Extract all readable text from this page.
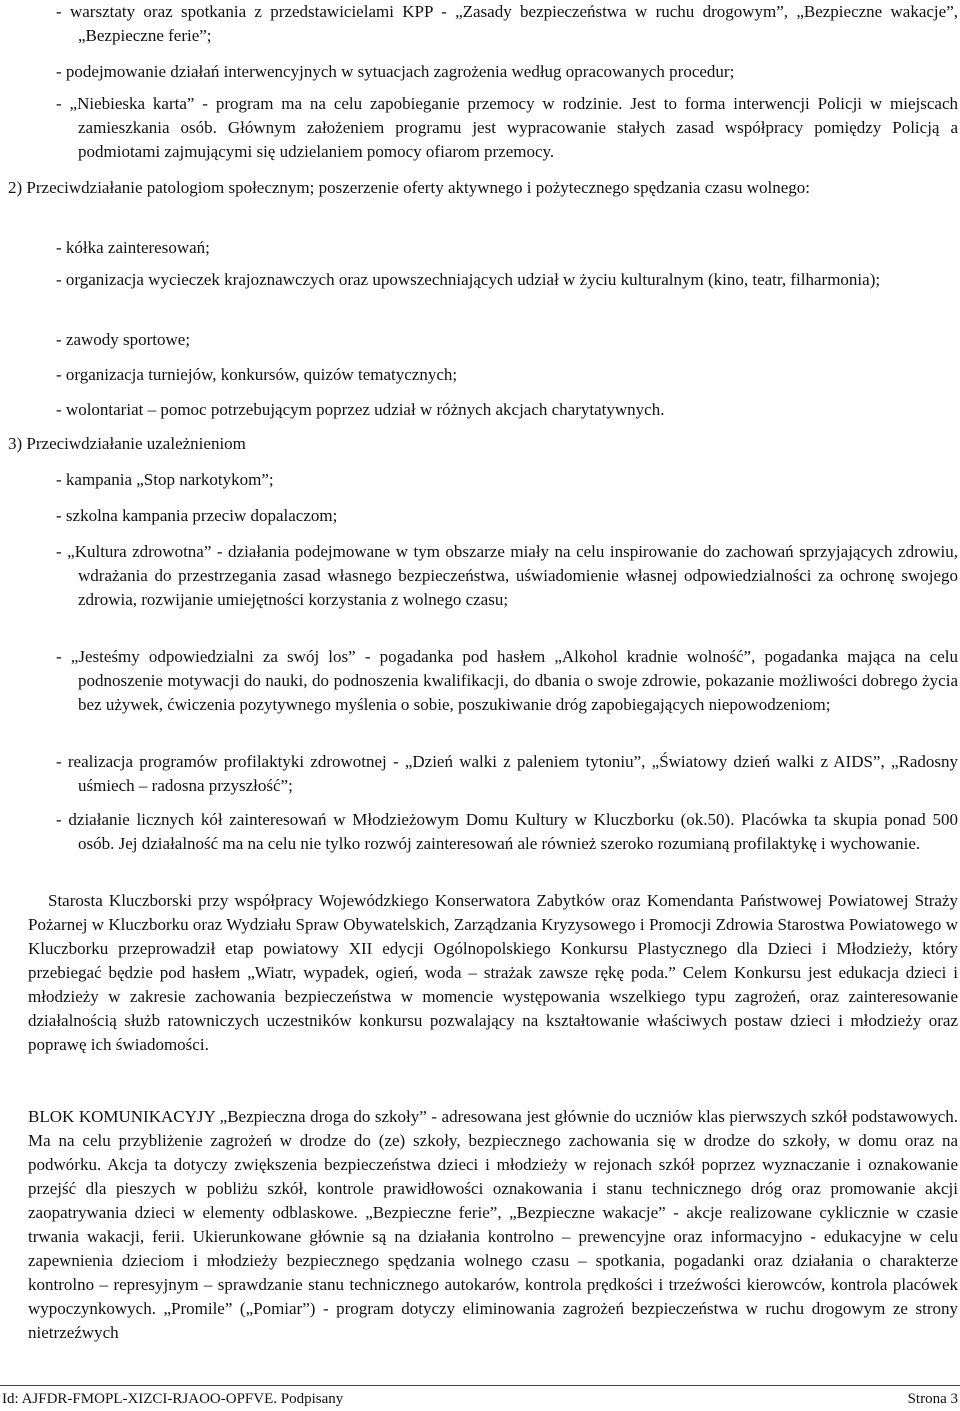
- warsztaty oraz spotkania z przedstawicielami KPP - „Zasady bezpieczeństwa w ruchu drogowym”, „Bezpieczne wakacje”, „Bezpieczne ferie”;
- podejmowanie działań interwencyjnych w sytuacjach zagrożenia według opracowanych procedur;
- „Niebieska karta” - program ma na celu zapobieganie przemocy w rodzinie. Jest to forma interwencji Policji w miejscach zamieszkania osób. Głównym założeniem programu jest wypracowanie stałych zasad współpracy pomiędzy Policją a podmiotami zajmującymi się udzielaniem pomocy ofiarom przemocy.
2) Przeciwdziałanie patologiom społecznym; poszerzenie oferty aktywnego i pożytecznego spędzania czasu wolnego:
- kółka zainteresowań;
- organizacja wycieczek krajoznawczych oraz upowszechniających udział w życiu kulturalnym (kino, teatr, filharmonia);
- zawody sportowe;
- organizacja turniejów, konkursów, quizów tematycznych;
- wolontariat – pomoc potrzebującym poprzez udział w różnych akcjach charytatywnych.
3) Przeciwdziałanie uzależnieniom
- kampania „Stop narkotykom”;
- szkolna kampania przeciw dopalaczom;
- „Kultura zdrowotna” - działania podejmowane w tym obszarze miały na celu inspirowanie do zachowań sprzyjających zdrowiu, wdrażania do przestrzegania zasad własnego bezpieczeństwa, uświadomienie własnej odpowiedzialności za ochronę swojego zdrowia, rozwijanie umiejętności korzystania z wolnego czasu;
- „Jesteśmy odpowiedzialni za swój los” - pogadanka pod hasłem „Alkohol kradnie wolność”, pogadanka mająca na celu podnoszenie motywacji do nauki, do podnoszenia kwalifikacji, do dbania o swoje zdrowie, pokazanie możliwości dobrego życia bez używek, ćwiczenia pozytywnego myślenia o sobie, poszukiwanie dróg zapobiegających niepowodzeniom;
- realizacja programów profilaktyki zdrowotnej - „Dzień walki z paleniem tytoniu”, „Światowy dzień walki z AIDS”, „Radosny uśmiech – radosna przyszłość”;
- działanie licznych kół zainteresowań w Młodzieżowym Domu Kultury w Kluczborku (ok.50). Placówka ta skupia ponad 500 osób. Jej działalność ma na celu nie tylko rozwój zainteresowań ale również szeroko rozumianą profilaktykę i wychowanie.
Starosta Kluczborski przy współpracy Wojewódzkiego Konserwatora Zabytków oraz Komendanta Państwowej Powiatowej Straży Pożarnej w Kluczborku oraz Wydziału Spraw Obywatelskich, Zarządzania Kryzysowego i Promocji Zdrowia Starostwa Powiatowego w Kluczborku przeprowadził etap powiatowy XII edycji Ogólnopolskiego Konkursu Plastycznego dla Dzieci i Młodzieży, który przebiegać będzie pod hasłem „Wiatr, wypadek, ogień, woda – strażak zawsze rękę poda.” Celem Konkursu jest edukacja dzieci i młodzieży w zakresie zachowania bezpieczeństwa w momencie występowania wszelkiego typu zagrożeń, oraz zainteresowanie działalnością służb ratowniczych uczestników konkursu pozwalający na kształtowanie właściwych postaw dzieci i młodzieży oraz poprawę ich świadomości.
BLOK KOMUNIKACYJY „Bezpieczna droga do szkoły” - adresowana jest głównie do uczniów klas pierwszych szkół podstawowych. Ma na celu przybliżenie zagrożeń w drodze do (ze) szkoły, bezpiecznego zachowania się w drodze do szkoły, w domu oraz na podwórku. Akcja ta dotyczy zwiększenia bezpieczeństwa dzieci i młodzieży w rejonach szkół poprzez wyznaczanie i oznakowanie przejść dla pieszych w pobliżu szkół, kontrole prawidłowości oznakowania i stanu technicznego dróg oraz promowanie akcji zaopatrywania dzieci w elementy odblaskowe. „Bezpieczne ferie”, „Bezpieczne wakacje” - akcje realizowane cyklicznie w czasie trwania wakacji, ferii. Ukierunkowane głównie są na działania kontrolno – prewencyjne oraz informacyjno - edukacyjne w celu zapewnienia dzieciom i młodzieży bezpiecznego spędzania wolnego czasu – spotkania, pogadanki oraz działania o charakterze kontrolno – represyjnym – sprawdzanie stanu technicznego autokarów, kontrola prędkości i trzeźwości kierowców, kontrola placówek wypoczynkowych. „Promile” („Pomiar”) - program dotyczy eliminowania zagrożeń bezpieczeństwa w ruchu drogowym ze strony nietrzeźwych
Id: AJFDR-FMOPL-XIZCI-RJAOO-OPFVE. Podpisany	Strona 3
